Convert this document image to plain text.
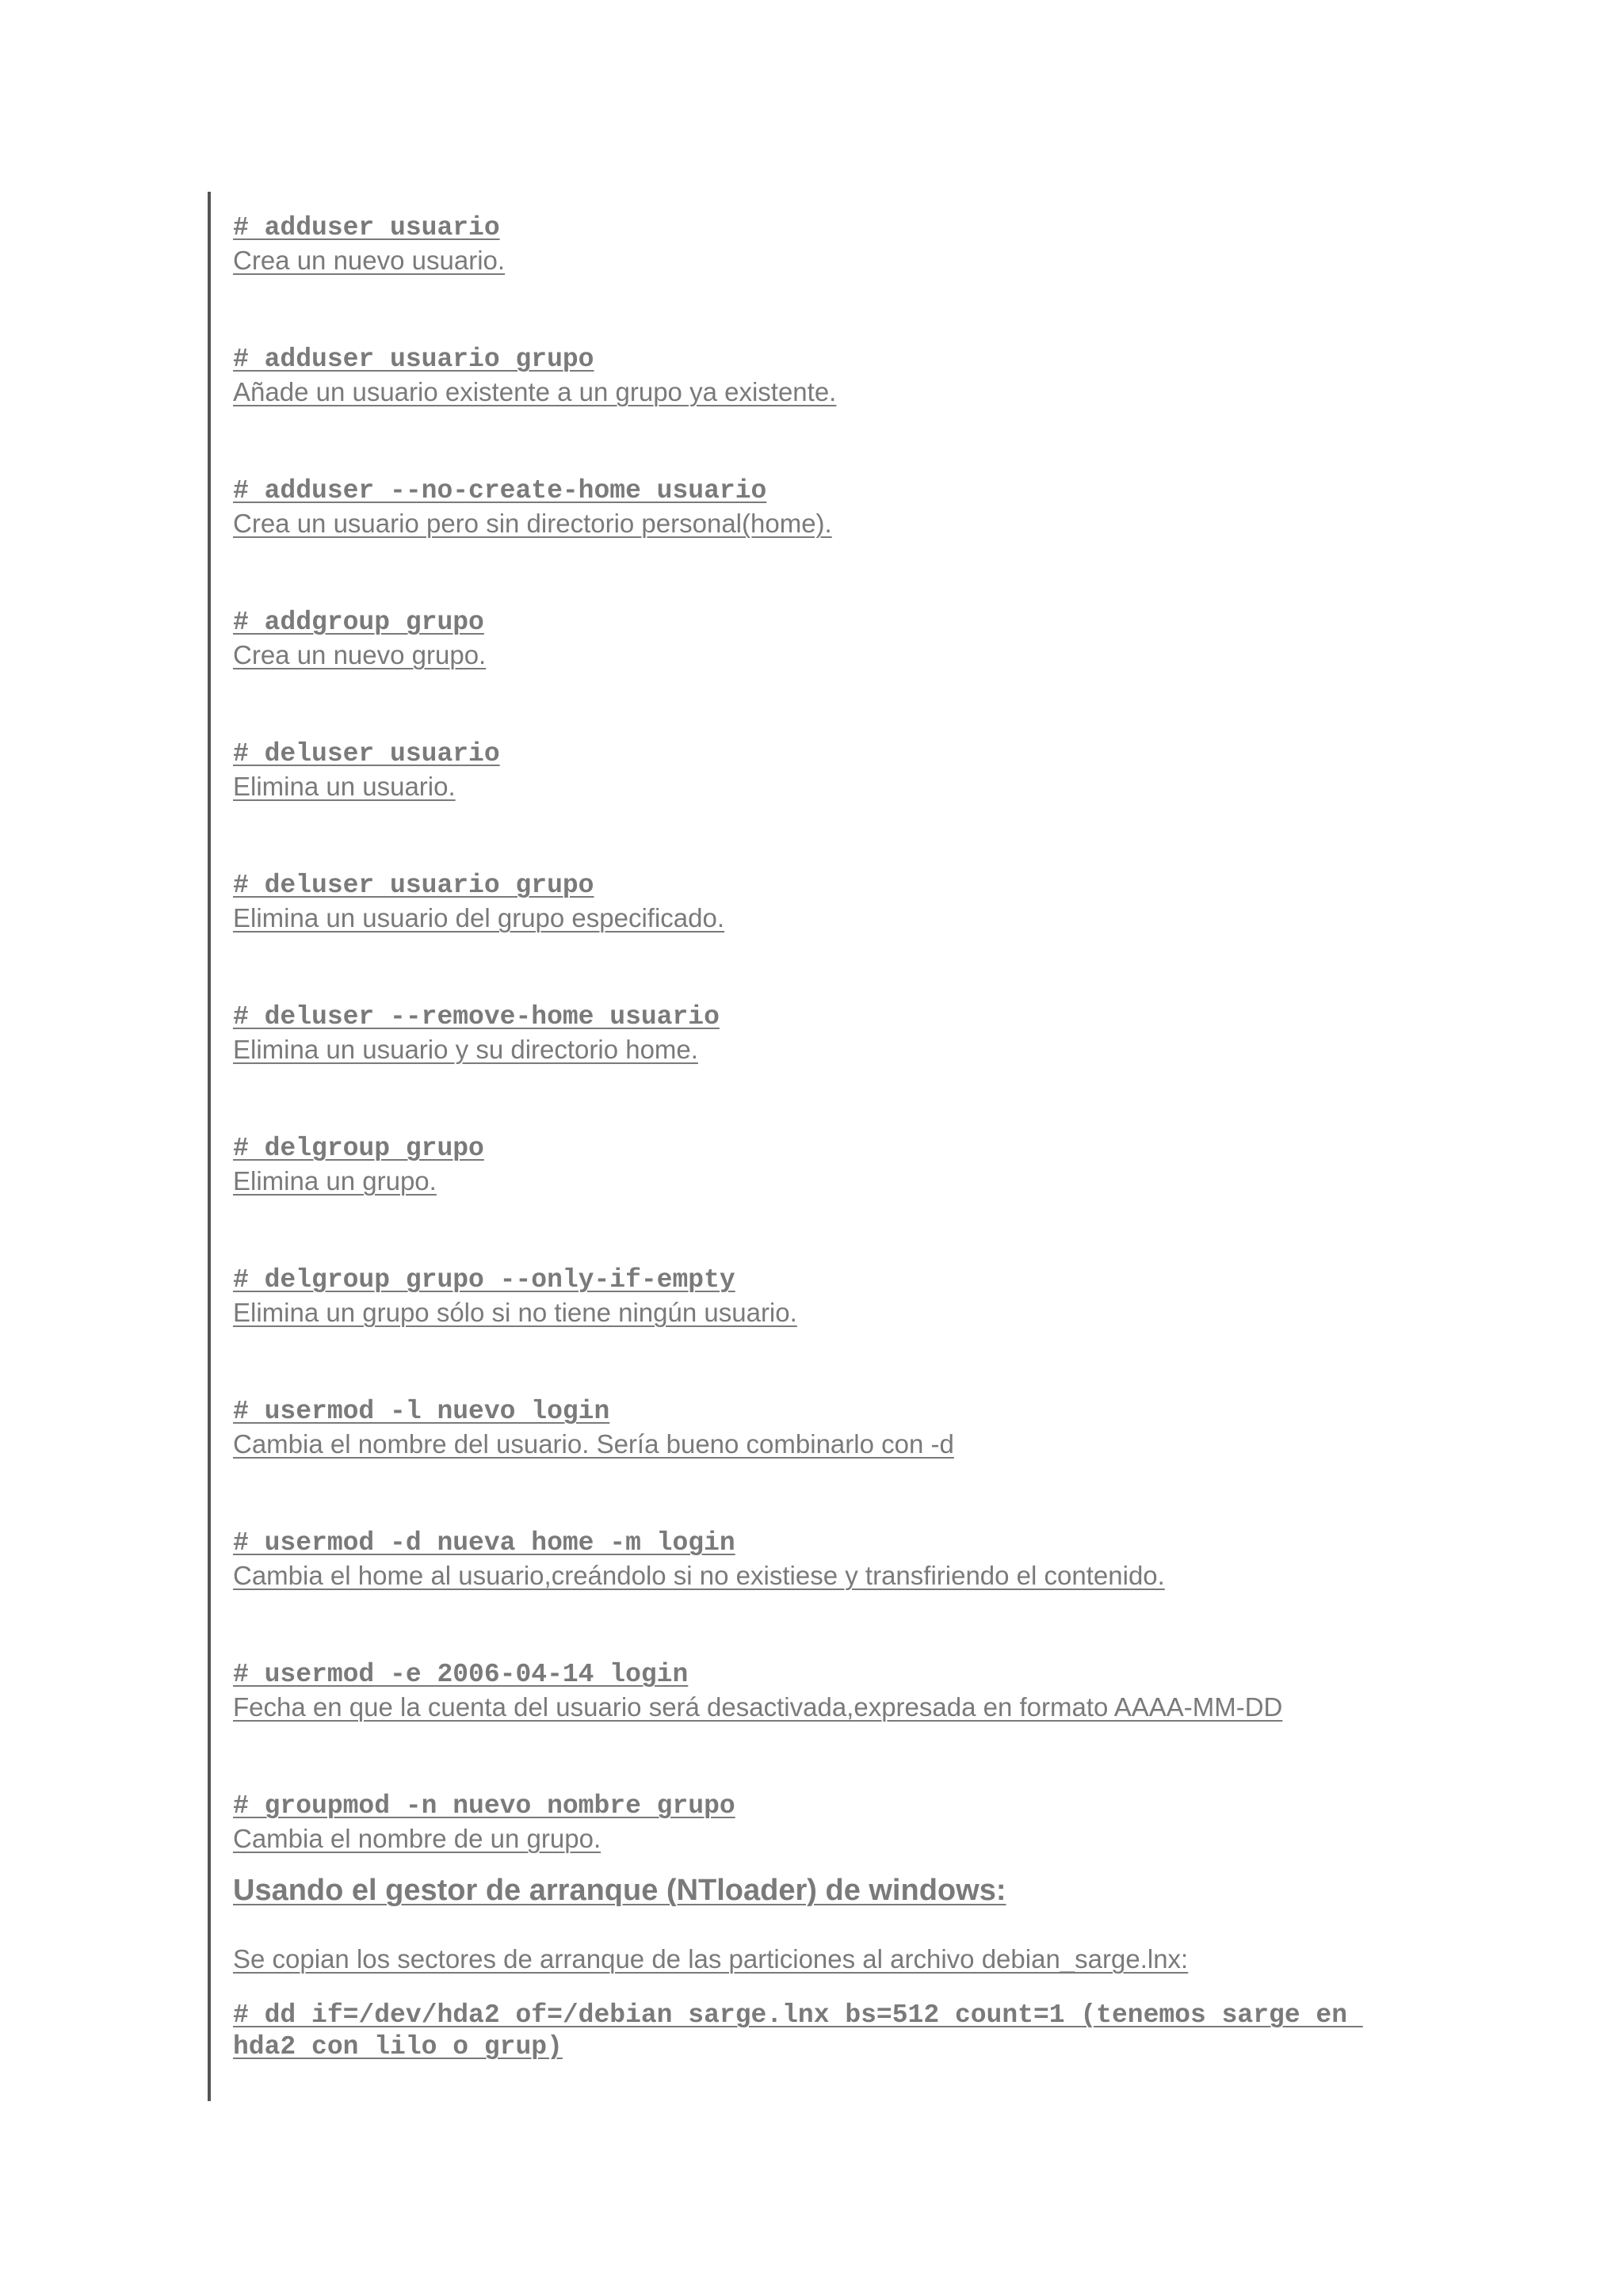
# adduser usuario
Crea un nuevo usuario.
# adduser usuario grupo
Añade un usuario existente a un grupo ya existente.
# adduser --no-create-home usuario
Crea un usuario pero sin directorio personal(home).
# addgroup grupo
Crea un nuevo grupo.
# deluser usuario
Elimina un usuario.
# deluser usuario grupo
Elimina un usuario del grupo especificado.
# deluser --remove-home usuario
Elimina un usuario y su directorio home.
# delgroup grupo
Elimina un grupo.
# delgroup grupo --only-if-empty
Elimina un grupo sólo si no tiene ningún usuario.
# usermod -l nuevo login
Cambia el nombre del usuario. Sería bueno combinarlo con -d
# usermod -d nueva home -m login
Cambia el home al usuario,creándolo si no existiese y transfiriendo el contenido.
# usermod -e 2006-04-14 login
Fecha en que la cuenta del usuario será desactivada,expresada en formato AAAA-MM-DD
# groupmod -n nuevo nombre grupo
Cambia el nombre de un grupo.
Usando el gestor de arranque (NTloader) de windows:
Se copian los sectores de arranque de las particiones al archivo debian_sarge.lnx:
# dd if=/dev/hda2 of=/debian sarge.lnx bs=512 count=1 (tenemos sarge en hda2 con lilo o grup)
